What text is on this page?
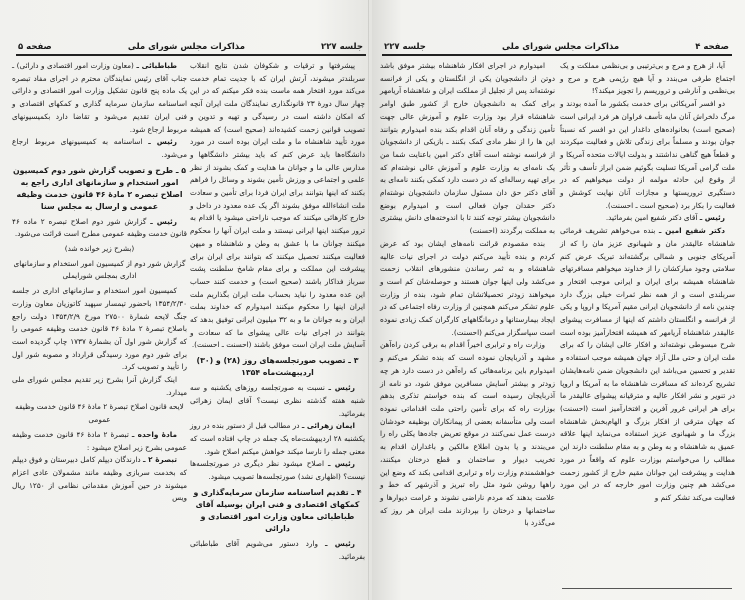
صفحه ۵	مذاکرات مجلس شورای ملی	جلسه ۲۲۷

طباطبائی ـ (معاون وزارت امور اقتصادی و دارائی) ـ جناب آقای رئیس نمایندگان محترم در اجرای مفاد تبصره یک ماده پنج قانون تشکیل وزارت امور اقتصادی و دارائی اساسنامه سازمان سرمایه گذاری و کمکهای اقتصادی و فنی ایران تقدیم می‌شود و تقاضا دارد بکمیسیونهای مربوط ارجاع شود.

رئیس ـ اساسنامه به کمیسیونهای مربوط ارجاع می‌شود.

۵ ـ طرح و تصویب گزارش شور دوم کمیسیون امور استخدام و سازمانهای اداری راجع به اصلاح تبصره ۲ مادهٔ ۴۶ قانون خدمت وظیفه عمومی و ارسال به مجلس سنا

رئیس ـ گزارش شور دوم اصلاح تبصره ۲ ماده ۴۶ قانون خدمت وظیفه عمومی مطرح است قرائت می‌شود.

(بشرح زیر خوانده شد)
گزارش شور دوم از کمیسیون امور استخدام و سازمانهای اداری بمجلس شورایملی

کمیسیون امور استخدام و سازمانهای اداری در جلسه ۱۳۵۴/۲/۳۰ باحضور تیمسار سپهبد کاتوزیان معاون وزارت جنگ لایحه شمارهٔ ۲۷۵۰۰ مورخ ۱۳۵۴/۲/۹ دولت راجع باصلاح تبصرهٔ ۲ مادهٔ ۴۶ قانون خدمت وظیفه عمومی را که گزارش شور اول آن بشمارهٔ ۱۷۳۷ چاپ گردیده است برای شور دوم مورد رسیدگی قرارداد و مصوبه شور اول را تأیید و تصویب کرد.

اینک گزارش آنرا بشرح زیر تقدیم مجلس شورای ملی میدارد.

لایحه قانون اصلاح تبصرهٔ ۲ مادهٔ ۴۶ قانون خدمت وظیفه عمومی

مادهٔ واحده ـ تبصرهٔ ۲ مادهٔ ۴۶ قانون خدمت وظیفه عمومی بشرح زیر اصلاح میشود :

تبصرهٔ ۲ ـ دارندگان دیپلم کامل دبیرستان و فوق دیپلم که بخدمت سربازی وظیفه مانند مشمولان عادی اعزام میشوند در حین آموزش مقدماتی نظامی از ۱۲۵۰ ریال ویس

پیشرفتها و ترقیات و شکوفان شدن نتایج انقلاب سربلندتر میشوند، آرتش ایران که با جدیت تمام خدمت می‌کند مورد افتخار همه ماست بنده فکر میکنم که در این چهار سال دورهٔ ۲۳ قانونگذاری نمایندگان ملت ایران آنچه که امکان داشته است در رسیدگی و تهیه و تدوین و تصویب قوانین زحمت کشیده‌اند (صحیح است) که همیشه مورد تأیید شاهنشاه ما و ملت ایران بوده است در مورد دانشگاه‌ها باید عرض کنم که باید بیشتر دانشگاهها و مدارس عالی ما و جوانان ما هدایت و کمک بشوند از نظر علمی و اجتماعی و ورزش تأمین بشوند و وسائل را فراهم بکنند که اینها بتوانند برای ایران فردا برای تأمین و سعادت ملت انشاءالله موفق بشوند اگر یک عده معدود در داخل و خارج کارهائی میکنند که موجب ناراحتی میشود یا اقدام به ترور میکنند اینها ایرانی نیستند و ملت ایران آنها را محکوم میکنند جوانان ما با عشق به وطن و شاهنشاه و میهن فعالیت میکنند تحصیل میکنند که بتوانند برای ایران برای پیشرفت این مملکت و برای مقام شامخ سلطنت پشت سرباز فداکار باشند (صحیح است) و خدمت کنند حساب این عده معدود را نباید بحساب ملت ایران بگذاریم ملت ایران اینها را محکوم میکنند امیدوارم که خداوند بملت ایران و به جوانان ما و به ۳۲ میلیون ایرانی توفیق بدهد که بتوانند در اجرای نیات عالی پیشوای ما که سعادت و آسایش ملت ایران است موفق باشند (احسنت ـ احسنت).

۳ ـ تصویب صورتجلسه‌های روز (۲۸) و (۳۰) اردیبهشت‌ماه ۱۳۵۴

رئیس ـ نسبت به صورتجلسه روزهای یکشنبه و سه شنبه هفته گذشته نظری نیست؟ آقای ایمان زهرائی بفرمائید.

ایمان زهرائی ـ در مطالب قبل از دستور بنده در روز یکشنبه ۲۸ اردیبهشت‌ماه یک جمله در چاپ افتاده است که معنی جمله را نارسا میکند خواهش میکنم اصلاح شود.

رئیس ـ اصلاح میشود نظر دیگری در صورتجلسه‌ها نیست؟ (اظهاری نشد) صورتجلسه‌ها تصویب میشود.

۴ ـ تقدیم اساسنامه سازمان سرمایه‌گذاری و کمکهای اقتصادی و فنی ایران بوسیله آقای طباطبائی معاون وزارت امور اقتصادی و دارائی

رئیس ـ وارد دستور می‌شویم آقای طباطبائی بفرمائید.

جلسه ۲۲۷	مذاکرات مجلس شورای ملی	صفحه ۴

امیدوارم در اجرای افکار شاهنشاه بیشتر موفق باشد دوتن از دانشجویان یکی از انگلستان و یکی از فرانسه نوشته‌اند پس از تجلیل از مملکت ایران و شاهنشاه آریامهر برای کمک به دانشجویان خارج از کشور طبق اوامر شاهنشاه قرار بود وزارت علوم و آموزش عالی جهت تأمین زندگی و رفاه آنان اقدام بکند بنده امیدوارم بتوانند این ها را از نظر مادی کمک بکنند ـ بازیکی از دانشجویان از فرانسه نوشته است آقای دکتر امین باعنایت شما من یک نامه‌ای به وزارت علوم و آموزش عالی نوشته‌ام که برای تهیه رساله‌ای که در دست دارد کمکی بکنند نامه‌ای به آقای دکتر حق دان مسئول سازمان دانشجویان نوشته‌ام دکتر حقدان جوان فعالی است و امیدوارم بوضع دانشجویان بیشتر توجه کنند تا با اندوخته‌های دانش بیشتری به مملکت برگردند (احسنت)

بنده مقصودم قرائت نامه‌های ایشان بود که عرض کردم و بنده تأیید می‌کنم دولت در اجرای نیات عالیه شاهنشاه و به ثمر رساندن منشورهای انقلاب زحمت می‌کشد ولی اینها جوان هستند و حوصله‌شان کم است و میخواهند زودتر تحصیلاتشان تمام شود، بنده از وزارت علوم تشکر می‌کنم همچنین از وزارت رفاه اجتماعی که در ایجاد بیمارستانها و درمانگاههای کارگران کمک زیادی نموده است سپاسگزار می‌کنم (احسنت).

وزارت راه و ترابری اخیراً اقدام به برقی کردن راه‌آهن مشهد و آذربایجان نموده است که بنده تشکر می‌کنم و امیدوارم باین برنامه‌هائی که راه‌آهن در دست دارد هر چه زودتر و بیشتر آسایش مسافرین موفق شود، دو نامه از آذربایجان رسیده است که بنده خواستم تذکری بدهم بوزارت راه که برای تأمین راحتی ملت اقداماتی نموده است ولی متأسفانه بعضی از پیمانکاران بوظیفه خودشان درست عمل نمی‌کنند در موقع تعریض جاده‌ها یکلی راه را می‌بندند و یا بدون اطلاع مالکین و باغداران اقدام به تخریب دیوار و ساختمان و قطع درختان میکنند، خواهشمندم وزارت راه و ترابری اقدامی بکند که وضع این راهها روشن شود مثل راه تبریز و آذرشهر که خط و علامت بدهند که مردم ناراضی نشوند و غرامت دیوارها و ساختمانها و درختان را بپردازند ملت ایران هر روز که می‌گذرد با

آیا، از هرج و مرج و بی‌ترتیبی و بی‌نظمی مملکت و یک اجتماع طرفی می‌بندد و آیا هیچ رژیمی هرج و مرج و بی‌نظمی و آنارشی و تروریسم را تجویز میکند؟!

دو افسر آمریکائی برای خدمت بکشور ما آمده بودند و مرگ دلخراش آنان مایه تأسف فراوان هر فرد ایرانی است (صحیح است) بخانواده‌های داغدار این دو افسر که نسبتاً جوان بودند و مسلماً برای زندگی تلاش و فعالیت میکردند و قطعاً هیچ گناهی نداشتند و بدولت ایالات متحده آمریکا و ملت گرامی آمریکا تسلیت بگوئیم ضمن ابراز تأسف و تأثر از وقوع این حادثه مولمه از دولت میخواهیم که در دستگیری تروریستها و مجازات آنان نهایت کوشش و فعالیت را بکار برد (صحیح است ـ احسنت).

رئیس ـ آقای دکتر شفیع امین بفرمائید.

دکتر شفیع امین ـ بنده می‌خواهم تشریف فرمائی شاهنشاه عالیقدر مان و شهبانوی عزیز مان را که از آمریکای جنوبی و شمالی برگشته‌اند تبریک عرض کنم سلامتی وجود مبارکشان را از خداوند میخواهم مسافرتهای شاهنشاه همیشه برای ایران و ایرانی موجب افتخار و سربلندی است و از همه نظر ثمرات خیلی بزرگ دارد چندین نامه از دانشجویان ایرانی مقیم آمریکا و اروپا و یکی از فرانسه و انگلستان داشتم که اینها از مسافرت پیشوای عالیقدر شاهنشاه آریامهر که همیشه افتخارآمیز بوده است شرح مبسوطی نوشته‌اند و افکار عالی ایشان را که برای ملت ایران و حتی ملل آزاد جهان همیشه موجب استفاده و تقدیر و تحسین می‌باشد این دانشجویان ضمن نامه‌هایشان تشریح کرده‌اند که مسافرت شاهنشاه ما به آمریکا و اروپا در تنویر و نشر افکار عالیه و مترقیانه پیشوای عالیقدر ما برای هر ایرانی غرور آفرین و افتخارآمیز است (احسنت) که جهان مترقی از افکار بزرگ و الهام‌بخش شاهنشاه بزرگ ما و شهبانوی عزیز استفاده می‌نماید اینها علاقه عمیق به شاهنشاه و به وطن و به مقام سلطنت دارند این مطالب را می‌خواستم بوزارت علوم که واقعاً در مورد هدایت و پیشرفت این جوانان مقیم خارج از کشور زحمت می‌کشد هم چنین وزارت امور خارجه که در این مورد فعالیت می‌کند تشکر کنم و
